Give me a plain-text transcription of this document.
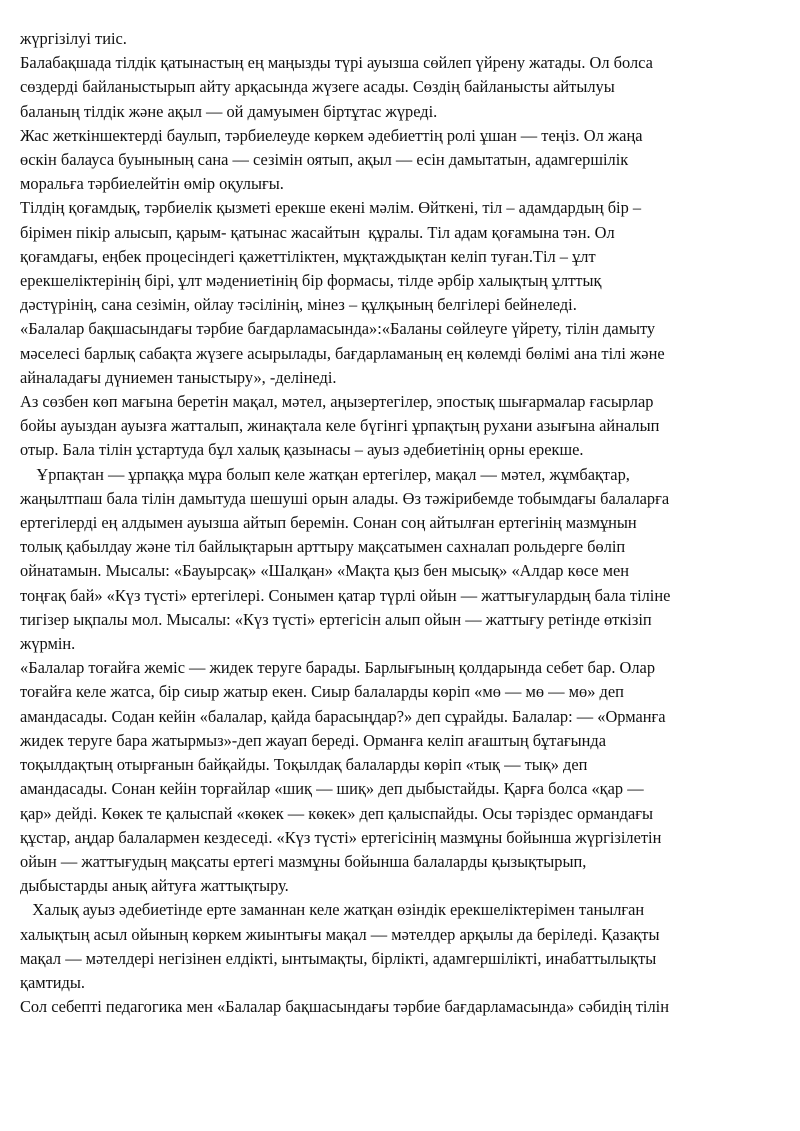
жүргізілуі тиіс.
Балабақшада тілдік қатынастың ең маңызды түрі ауызша сөйлеп үйрену жатады. Ол болса
сөздерді байланыстырып айту арқасында жүзеге асады. Сөздің байланысты айтылуы
баланың тілдік және ақыл — ой дамуымен біртұтас жүреді.
Жас жеткіншектерді баулып, тәрбиелеуде көркем әдебиеттің ролі ұшан — теңіз. Ол жаңа
өскін балауса буынының сана — сезімін оятып, ақыл — есін дамытатын, адамгершілік
моральға тәрбиелейтін өмір оқулығы.
Тілдің қоғамдық, тәрбиелік қызметі ерекше екені мәлім. Өйткені, тіл – адамдардың бір –
бірімен пікір алысып, қарым- қатынас жасайтын  құралы. Тіл адам қоғамына тән. Ол
қоғамдағы, еңбек процесіндегі қажеттіліктен, мұқтаждықтан келіп туған.Тіл – ұлт
ерекшеліктерінің бірі, ұлт мәдениетінің бір формасы, тілде әрбір халықтың ұлттық
дәстүрінің, сана сезімін, ойлау тәсілінің, мінез – құлқының белгілері бейнеледі.
«Балалар бақшасындағы тәрбие бағдарламасында»:«Баланы сөйлеуге үйрету, тілін дамыту
мәселесі барлық сабақта жүзеге асырылады, бағдарламаның ең көлемді бөлімі ана тілі және
айналадағы дүниемен таныстыру», -делінеді.
Аз сөзбен көп мағына беретін мақал, мәтел, аңызертегілер, эпостық шығармалар ғасырлар
бойы ауыздан ауызға жатталып, жинақтала келе бүгінгі ұрпақтың рухани азығына айналып
отыр. Бала тілін ұстартуда бұл халық қазынасы – ауыз әдебиетінің орны ерекше.
Ұрпақтан — ұрпаққа мұра болып келе жатқан ертегілер, мақал — мәтел, жұмбақтар,
жаңылтпаш бала тілін дамытуда шешуші орын алады. Өз тәжірибемде тобымдағы балаларға
ертегілерді ең алдымен ауызша айтып беремін. Сонан соң айтылған ертегінің мазмұнын
толық қабылдау және тіл байлықтарын арттыру мақсатымен сахналап рольдерге бөліп
ойнатамын. Мысалы: «Бауырсақ» «Шалқан» «Мақта қыз бен мысық» «Алдар көсе мен
тоңғақ бай» «Күз түсті» ертегілері. Сонымен қатар түрлі ойын — жаттығулардың бала тіліне
тигізер ықпалы мол. Мысалы: «Күз түсті» ертегісін алып ойын — жаттығу ретінде өткізіп
жүрмін.
«Балалар тоғайға жеміс — жидек теруге барады. Барлығының қолдарында себет бар. Олар
тоғайға келе жатса, бір сиыр жатыр екен. Сиыр балаларды көріп «мө — мө — мө» деп
амандасады. Содан кейін «балалар, қайда барасыңдар?» деп сұрайды. Балалар: — «Орманға
жидек теруге бара жатырмыз»-деп жауап береді. Орманға келіп ағаштың бұтағында
тоқылдақтың отырғанын байқайды. Тоқылдақ балаларды көріп «тық — тық» деп
амандасады. Сонан кейін торғайлар «шиқ — шиқ» деп дыбыстайды. Қарға болса «қар —
қар» дейді. Көкек те қалыспай «көкек — көкек» деп қалыспайды. Осы тәріздес ормандағы
құстар, аңдар балалармен кездеседі. «Күз түсті» ертегісінің мазмұны бойынша жүргізілетін
ойын — жаттығудың мақсаты ертегі мазмұны бойынша балаларды қызықтырып,
дыбыстарды анық айтуға жаттықтыру.
Халық ауыз әдебиетінде ерте заманнан келе жатқан өзіндік ерекшеліктерімен танылған
халықтың асыл ойының көркем жиынтығы мақал — мәтелдер арқылы да беріледі. Қазақты
мақал — мәтелдері негізінен елдікті, ынтымақты, бірлікті, адамгершілікті, инабаттылықты
қамтиды.
Сол себепті педагогика мен «Балалар бақшасындағы тәрбие бағдарламасында» сәбидің тілін
